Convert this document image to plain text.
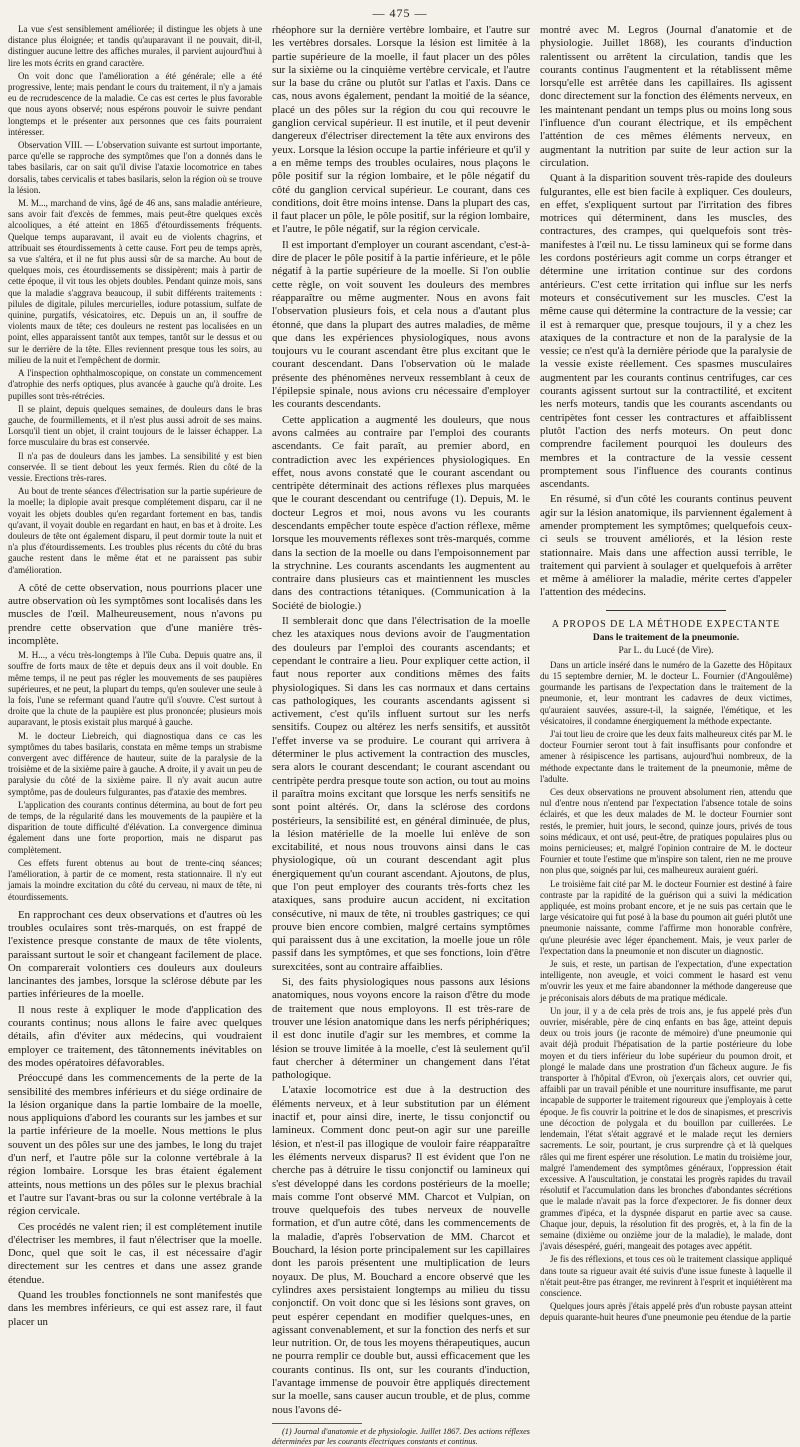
— 475 —

La vue s'est sensiblement améliorée; il distingue les objets à une distance plus éloignée; et tandis qu'auparavant il ne pouvait, dit-il, distinguer aucune lettre des affiches murales, il parvient aujourd'hui à lire les mots écrits en grand caractère.

On voit donc que l'amélioration a été générale; elle a été progressive, lente; mais pendant le cours du traitement, il n'y a jamais eu de recrudescence de la maladie. Ce cas est certes le plus favorable que nous ayons observé; nous espérons pouvoir le suivre pendant longtemps et le présenter aux personnes que ces faits pourraient intéresser.

Observation VIII. — L'observation suivante est surtout importante, parce qu'elle se rapproche des symptômes que l'on a donnés dans le tabes basilaris, car on sait qu'il divise l'ataxie locomotrice en tabes dorsalis, tabes cervicalis et tabes basilaris, selon la région où se trouve la lésion.

M. M..., marchand de vins, âgé de 46 ans, sans maladie antérieure, sans avoir fait d'excès de femmes, mais peut-être quelques excès alcooliques, a été atteint en 1865 d'étourdissements fréquents. Quelque temps auparavant, il avait eu de violents chagrins, et attribuait ses étourdissements à cette cause. Fort peu de temps après, sa vue s'altéra, et il ne fut plus aussi sûr de sa marche. Au bout de quelques mois, ces étourdissements se dissipèrent; mais à partir de cette époque, il vit tous les objets doubles. Pendant quinze mois, sans que la maladie s'aggrava beaucoup, il subit différents traitements : pilules de digitale, pilules mercurielles, iodure potassium, sulfate de quinine, purgatifs, vésicatoires, etc. Depuis un an, il souffre de violents maux de tête; ces douleurs ne restent pas localisées en un point, elles apparaissent tantôt aux tempes, tantôt sur le dessus et ou sur le derrière de la tête. Elles reviennent presque tous les soirs, au milieu de la nuit et l'empêchent de dormir.

A l'inspection ophthalmoscopique, on constate un commencement d'atrophie des nerfs optiques, plus avancée à gauche qu'à droite. Les pupilles sont très-rétrécies.

Il se plaint, depuis quelques semaines, de douleurs dans le bras gauche, de fourmillements, et il n'est plus aussi adroit de ses mains. Lorsqu'il tient un objet, il craint toujours de le laisser échapper. La force musculaire du bras est conservée.

Il n'a pas de douleurs dans les jambes. La sensibilité y est bien conservée. Il se tient debout les yeux fermés. Rien du côté de la vessie. Erections très-rares.

Au bout de trente séances d'électrisation sur la partie supérieure de la moelle; la diplopie avait presque complétement disparu, car il ne voyait les objets doubles qu'en regardant fortement en bas, tandis qu'avant, il voyait double en regardant en haut, en bas et à droite. Les douleurs de tête ont également disparu, il peut dormir toute la nuit et n'a plus d'étourdissements. Les troubles plus récents du côté du bras gauche restent dans le même état et ne paraissent pas subir d'amélioration.

A côté de cette observation, nous pourrions placer une autre observation où les symptômes sont localisés dans les muscles de l'œil. Malheureusement, nous n'avons pu prendre cette observation que d'une manière très-incomplète.

M. H..., a vécu très-longtemps à l'île Cuba. Depuis quatre ans, il souffre de forts maux de tête et depuis deux ans il voit double. En même temps, il ne peut pas régler les mouvements de ses paupières supérieures, et ne peut, la plupart du temps, qu'en soulever une seule à la fois, l'une se refermant quand l'autre qu'il s'ouvre. C'est surtout à droite que la chute de la paupière est plus prononcée; plusieurs mois auparavant, le ptosis existait plus marqué à gauche.

M. le docteur Liebreich, qui diagnostiqua dans ce cas les symptômes du tabes basilaris, constata en même temps un strabisme convergent avec différence de hauteur, suite de la paralysie de la troisième et de la sixième paire à gauche. A droite, il y avait un peu de paralysie du côté de la sixième paire. Il n'y avait aucun autre symptôme, pas de douleurs fulgurantes, pas d'ataxie des membres.

L'application des courants continus détermina, au bout de fort peu de temps, de la régularité dans les mouvements de la paupière et la disparition de toute difficulté d'élévation. La convergence diminua également dans une forte proportion, mais ne disparut pas complètement.

Ces effets furent obtenus au bout de trente-cinq séances; l'amélioration, à partir de ce moment, resta stationnaire. Il n'y eut jamais la moindre excitation du côté du cerveau, ni maux de tête, ni étourdissements.

En rapprochant ces deux observations et d'autres où les troubles oculaires sont très-marqués, on est frappé de l'existence presque constante de maux de tête violents, paraissant surtout le soir et changeant facilement de place. On comparerait volontiers ces douleurs aux douleurs lancinantes des jambes, lorsque la sclérose débute par les parties inférieures de la moelle.

Il nous reste à expliquer le mode d'application des courants continus; nous allons le faire avec quelques détails, afin d'éviter aux médecins, qui voudraient employer ce traitement, des tâtonnements inévitables on des modes opératoires défavorables.

Préoccupé dans les commencements de la perte de la sensibilité des membres inférieurs et du siége ordinaire de la lésion organique dans la partie lombaire de la moelle, nous appliquions d'abord les courants sur les jambes et sur la partie inférieure de la moelle. Nous mettions le plus souvent un des pôles sur une des jambes, le long du trajet d'un nerf, et l'autre pôle sur la colonne vertébrale à la région lombaire. Lorsque les bras étaient également atteints, nous mettions un des pôles sur le plexus brachial et l'autre sur l'avant-bras ou sur la colonne vertébrale à la région cervicale.

Ces procédés ne valent rien; il est complétement inutile d'électriser les membres, il faut n'électriser que la moelle. Donc, quel que soit le cas, il est nécessaire d'agir directement sur les centres et dans une assez grande étendue.

Quand les troubles fonctionnels ne sont manifestés que dans les membres inférieurs, ce qui est assez rare, il faut placer un

rhéophore sur la dernière vertèbre lombaire, et l'autre sur les vertèbres dorsales. Lorsque la lésion est limitée à la partie supérieure de la moelle, il faut placer un des pôles sur la sixième ou la cinquième vertèbre cervicale, et l'autre sur la base du crâne ou plutôt sur l'atlas et l'axis. Dans ce cas, nous avons également, pendant la moitié de la séance, placé un des pôles sur la région du cou qui recouvre le ganglion cervical supérieur. Il est inutile, et il peut devenir dangereux d'électriser directement la tête aux environs des yeux. Lorsque la lésion occupe la partie inférieure et qu'il y a en même temps des troubles oculaires, nous plaçons le pôle positif sur la région lombaire, et le pôle négatif du côté du ganglion cervical supérieur. Le courant, dans ces conditions, doit être moins intense. Dans la plupart des cas, il faut placer un pôle, le pôle positif, sur la région lombaire, et l'autre, le pôle négatif, sur la région cervicale.

Il est important d'employer un courant ascendant, c'est-à-dire de placer le pôle positif à la partie inférieure, et le pôle négatif à la partie supérieure de la moelle. Si l'on oublie cette règle, on voit souvent les douleurs des membres réapparaître ou même augmenter. Nous en avons fait l'observation plusieurs fois, et cela nous a d'autant plus étonné, que dans la plupart des autres maladies, de même que dans les expériences physiologiques, nous avons toujours vu le courant ascendant être plus excitant que le courant descendant. Dans l'observation où le malade présente des phénomènes nerveux ressemblant à ceux de l'épilepsie spinale, nous avions cru nécessaire d'employer les courants descendants.

Cette application a augmenté les douleurs, que nous avons calmées au contraire par l'emploi des courants ascendants. Ce fait paraît, au premier abord, en contradiction avec les expériences physiologiques. En effet, nous avons constaté que le courant ascendant ou centripète déterminait des actions réflexes plus marquées que le courant descendant ou centrifuge (1). Depuis, M. le docteur Legros et moi, nous avons vu les courants descendants empêcher toute espèce d'action réflexe, même lorsque les mouvements réflexes sont très-marqués, comme dans la section de la moelle ou dans l'empoisonnement par la strychnine. Les courants ascendants les augmentent au contraire dans plusieurs cas et maintiennent les muscles dans des contractions tétaniques. (Communication à la Société de biologie.)

Il semblerait donc que dans l'électrisation de la moelle chez les ataxiques nous devions avoir de l'augmentation des douleurs par l'emploi des courants ascendants; et cependant le contraire a lieu. Pour expliquer cette action, il faut nous reporter aux conditions mêmes des faits physiologiques. Si dans les cas normaux et dans certains cas pathologiques, les courants ascendants agissent si activement, c'est qu'ils influent surtout sur les nerfs sensitifs. Coupez ou altérez les nerfs sensitifs, et aussitôt l'effet inverse va se produire. Le courant qui arrivera à déterminer le plus activement la contraction des muscles, sera alors le courant descendant; le courant ascendant ou centripète perdra presque toute son action, ou tout au moins il paraîtra moins excitant que lorsque les nerfs sensitifs ne sont point altérés. Or, dans la sclérose des cordons postérieurs, la sensibilité est, en général diminuée, de plus, la lésion matérielle de la moelle lui enlève de son excitabilité, et nous nous trouvons ainsi dans le cas physiologique, où un courant descendant agit plus énergiquement qu'un courant ascendant. Ajoutons, de plus, que l'on peut employer des courants très-forts chez les ataxiques, sans produire aucun accident, ni excitation consécutive, ni maux de tête, ni troubles gastriques; ce qui prouve bien encore combien, malgré certains symptômes qui paraissent dus à une excitation, la moelle joue un rôle passif dans les symptômes, et que ses fonctions, loin d'être surexcitées, sont au contraire affaiblies.

Si, des faits physiologiques nous passons aux lésions anatomiques, nous voyons encore la raison d'être du mode de traitement que nous employons. Il est très-rare de trouver une lésion anatomique dans les nerfs périphériques; il est donc inutile d'agir sur les membres, et comme la lésion se trouve limitée à la moelle, c'est là seulement qu'il faut chercher à déterminer un changement dans l'état pathologique.

L'ataxie locomotrice est due à la destruction des éléments nerveux, et à leur substitution par un élément inactif et, pour ainsi dire, inerte, le tissu conjonctif ou lamineux. Comment donc peut-on agir sur une pareille lésion, et n'est-il pas illogique de vouloir faire réapparaître les éléments nerveux disparus? Il est évident que l'on ne cherche pas à détruire le tissu conjonctif ou lamineux qui s'est développé dans les cordons postérieurs de la moelle; mais comme l'ont observé MM. Charcot et Vulpian, on trouve quelquefois des tubes nerveux de nouvelle formation, et d'un autre côté, dans les commencements de la maladie, d'après l'observation de MM. Charcot et Bouchard, la lésion porte principalement sur les capillaires dont les parois présentent une multiplication de leurs noyaux. De plus, M. Bouchard a encore observé que les cylindres axes persistaient longtemps au milieu du tissu conjonctif. On voit donc que si les lésions sont graves, on peut espérer cependant en modifier quelques-unes, en agissant convenablement, et sur la fonction des nerfs et sur leur nutrition. Or, de tous les moyens thérapeutiques, aucun ne pourra remplir ce double but, aussi efficacement que les courants continus. Ils ont, sur les courants d'induction, l'avantage immense de pouvoir être appliqués directement sur la moelle, sans causer aucun trouble, et de plus, comme nous l'avons dé-

(1) Journal d'anatomie et de physiologie. Juillet 1867. Des actions réflexes déterminées par les courants électriques constants et continus.

montré avec M. Legros (Journal d'anatomie et de physiologie. Juillet 1868), les courants d'induction ralentissent ou arrêtent la circulation, tandis que les courants continus l'augmentent et la rétablissent même lorsqu'elle est arrêtée dans les capillaires. Ils agissent donc directement sur la fonction des éléments nerveux, en les maintenant pendant un temps plus ou moins long sous l'influence d'un courant électrique, et ils empêchent l'atténtion de ces mêmes éléments nerveux, en augmentant la nutrition par suite de leur action sur la circulation.

Quant à la disparition souvent très-rapide des douleurs fulgurantes, elle est bien facile à expliquer. Ces douleurs, en effet, s'expliquent surtout par l'irritation des fibres motrices qui déterminent, dans les muscles, des contractures, des crampes, qui quelquefois sont très-manifestes à l'œil nu. Le tissu lamineux qui se forme dans les cordons postérieurs agit comme un corps étranger et détermine une irritation continue sur des cordons antérieurs. C'est cette irritation qui influe sur les nerfs moteurs et consécutivement sur les muscles. C'est la même cause qui détermine la contracture de la vessie; car il est à remarquer que, presque toujours, il y a chez les ataxiques de la contracture et non de la paralysie de la vessie; ce n'est qu'à la dernière période que la paralysie de la vessie existe réellement. Ces spasmes musculaires augmentent par les courants continus centrifuges, car ces courants agissent surtout sur la contractilité, et excitent les nerfs moteurs, tandis que les courants ascendants ou centripètes font cesser les contractures et affaiblissent plutôt l'action des nerfs moteurs. On peut donc comprendre facilement pourquoi les douleurs des membres et la contracture de la vessie cessent promptement sous l'influence des courants continus ascendants.

En résumé, si d'un côté les courants continus peuvent agir sur la lésion anatomique, ils parviennent également à amender promptement les symptômes; quelquefois ceux-ci seuls se trouvent améliorés, et la lésion reste stationnaire. Mais dans une affection aussi terrible, le traitement qui parvient à soulager et quelquefois à arrêter et même à améliorer la maladie, mérite certes d'appeler l'attention des médecins.

A PROPOS DE LA MÉTHODE EXPECTANTE
Dans le traitement de la pneumonie.
Par L. du Lucé (de Vire).

Dans un article inséré dans le numéro de la Gazette des Hôpitaux du 15 septembre dernier, M. le docteur L. Fournier (d'Angoulême) gourmande les partisans de l'expectation dans le traitement de la pneumonie, et, leur montrant les cadavres de deux victimes, qu'auraient sauvées, assure-t-il, la saignée, l'émétique, et les vésicatoires, il condamne énergiquement la méthode expectante.

J'ai tout lieu de croire que les deux faits malheureux cités par M. le docteur Fournier seront tout à fait insuffisants pour confondre et amener à résipiscence les partisans, aujourd'hui nombreux, de la méthode expectante dans le traitement de la pneumonie, même de l'adulte.

Ces deux observations ne prouvent absolument rien, attendu que nul d'entre nous n'entend par l'expectation l'absence totale de soins éclairés, et que les deux malades de M. le docteur Fournier sont restés, le premier, huit jours, le second, quinze jours, privés de tous soins médicaux, et ont usé, peut-être, de pratiques populaires plus ou moins pernicieuses; et, malgré l'opinion contraire de M. le docteur Fournier et toute l'estime que m'inspire son talent, rien ne me prouve non plus que, soignés par lui, ces malheureux auraient guéri.

Le troisième fait cité par M. le docteur Fournier est destiné à faire contraste par la rapidité de la guérison qui a suivi la médication appliquée, est moins probant encore, et je ne suis pas certain que le large vésicatoire qui fut posé à la base du poumon ait guéri plutôt une pneumonie naissante, comme l'affirme mon honorable confrère, qu'une pleurésie avec léger épanchement. Mais, je veux parler de l'expectation dans la pneumonie et non discuter un diagnostic.

Je suis, et reste, un partisan de l'expectation, d'une expectation intelligente, non aveugle, et voici comment le hasard est venu m'ouvrir les yeux et me faire abandonner la méthode dangereuse que je préconisais alors débuts de ma pratique médicale.

Un jour, il y a de cela près de trois ans, je fus appelé près d'un ouvrier, misérable, père de cinq enfants en bas âge, atteint depuis deux ou trois jours (je raconte de mémoire) d'une pneumonie qui avait déjà produit l'hépatisation de la partie postérieure du lobe moyen et du tiers inférieur du lobe supérieur du poumon droit, et plongé le malade dans une prostration d'un fâcheux augure. Je fis transporter à l'hôpital d'Evron, où j'exerçais alors, cet ouvrier qui, affaibli par un travail pénible et une nourriture insuffisante, me parut incapable de supporter le traitement rigoureux que j'employais à cette époque. Je fis couvrir la poitrine et le dos de sinapismes, et prescrivis une décoction de polygala et du bouillon par cuillerées. Le lendemain, l'état s'était aggravé et le malade reçut les derniers sacrements. Le soir, pourtant, je crus surprendre çà et là quelques râles qui me firent espérer une résolution. Le matin du troisième jour, malgré l'amendement des symptômes généraux, l'oppression était excessive. A l'auscultation, je constatai les progrès rapides du travail résolutif et l'accumulation dans les bronches d'abondantes sécrétions que le malade n'avait pas la force d'expectorer. Je fis donner deux grammes d'ipéca, et la dyspnée disparut en partie avec sa cause. Chaque jour, depuis, la résolution fit des progrès, et, à la fin de la semaine (dixième ou onzième jour de la maladie), le malade, dont j'avais désespéré, guéri, mangeait des potages avec appétit.

Je fis des réflexions, et tous ces où le traitement classique appliqué dans toute sa rigueur avait été suivis d'une issue funeste à laquelle il n'était peut-être pas étranger, me revinrent à l'esprit et inquiétèrent ma conscience.

Quelques jours après j'étais appelé près d'un robuste paysan atteint depuis quarante-huit heures d'une pneumonie peu étendue de la partie
